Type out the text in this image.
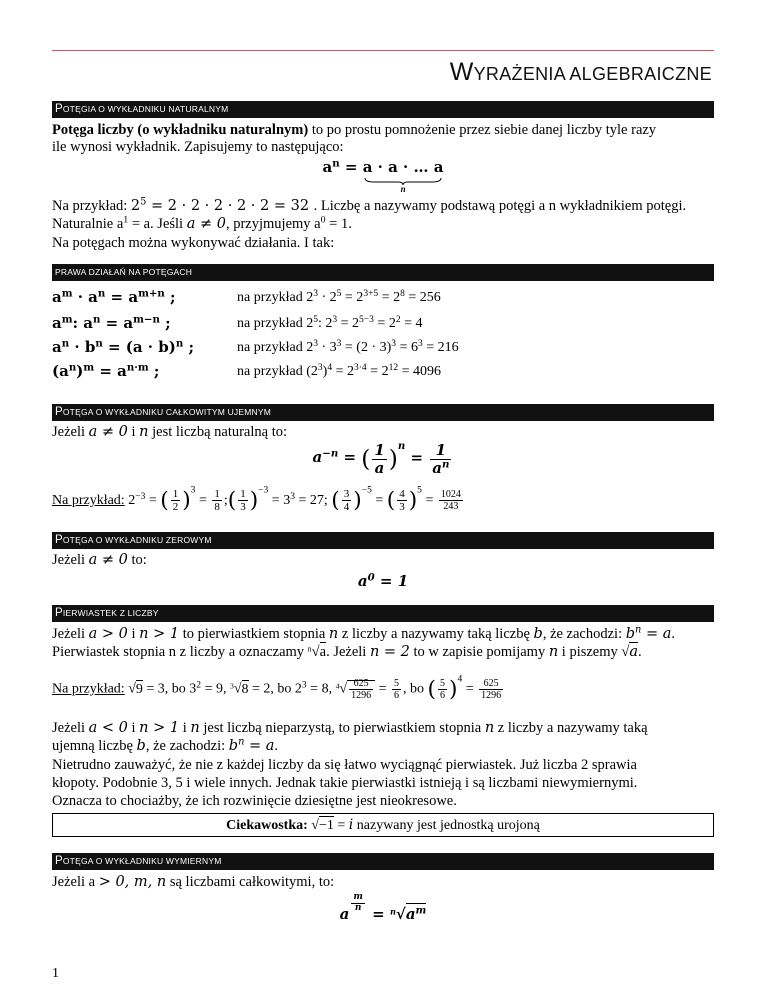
WYRAŻENIA ALGEBRAICZNE
POTĘGIA O WYKŁADNIKU NATURALNYM
Potęga liczby (o wykładniku naturalnym) to po prostu pomnożenie przez siebie danej liczby tyle razy
ile wynosi wykładnik. Zapisujemy to następująco:
$a^n = a \cdot a$ · … a
n
Na przykład: $2^5 = 2 \cdot 2 \cdot 2 \cdot 2 \cdot 2 = 32$ . Liczbę a nazywamy podstawą potęgi a n wykładnikiem potęgi.
Naturalnie $a^1 = a$. Jeśli a ≠ 0, przyjmujemy $a^0 = 1$.
Na potęgach można wykonywać działania. I tak:
PRAWA DZIAŁAŃ NA POTĘGACH
$a^m \cdot a^n = a^{m+n}$ ;	na przykład $2^3 \cdot 2^5 = 2^{3+5} = 2^8 = 256$
$a^m$: $a^n = a^{m-n}$ ;	na przykład $2^5$: $2^3 = 2^{5-3} = 2^2 = 4$
$a^n \cdot b^n = (a \cdot b)^n$ ;	na przykład $2^3 \cdot 3^3 = (2 \cdot 3)^3 = 6^3 = 216$
$(a^n)^m = a^{n\cdot m}$ ;	na przykład $(2^3)^4 = 2^{3\cdot 4} = 2^{12} = 4096$
POTĘGA O WYKŁADNIKU CAŁKOWITYM UJEMNYM
Jeżeli a ≠ 0 i n jest liczbą naturalną to:
$a^{-n}$ = ( $\frac{1}{a} )^n = \frac{1}{a^n}$
Na przykład: $2^{-3}$ = ( $\frac{1}{2} )^3 = \frac{1}{8}$ ;( $\frac{1}{3} )^{-3} = 3^3 = 27$; ( $\frac{3}{4} )^{-5}$ = ( $\frac{4}{3} )^5 = \frac{1024}{243}$
POTĘGA O WYKŁADNIKU ZEROWYM
Jeżeli a ≠ 0 to:
$a^0 = 1$
PIERWIASTEK Z LICZBY
Jeżeli a > 0 i n > 1 to pierwiastkiem stopnia n z liczby a nazywamy taką liczbę b, że zachodzi: $b^n = a$.
Pierwiastek stopnia n z liczby a oznaczamy $^n$√a. Jeżeli n = 2 to w zapisie pomijamy n i piszemy √a.
Na przykład: √9 = 3, bo $3^2 = 9$, $^3$√8 = 2, bo $2^3 = 8$, $^4√ \frac{625}{1296} = \frac{5}{6}$ , bo ( $\frac{5}{6} )^4 = \frac{625}{1296}$
Jeżeli a < 0 i n > 1 i n jest liczbą nieparzystą, to pierwiastkiem stopnia n z liczby a nazywamy taką
ujemną liczbę b, że zachodzi: $b^n = a$.
Nietrudno zauważyć, że nie z każdej liczby da się łatwo wyciągnąć pierwiastek. Już liczba 2 sprawia
kłopoty. Podobnie 3, 5 i wiele innych. Jednak takie pierwiastki istnieją i są liczbami niewymiernymi.
Oznacza to chociażby, że ich rozwinięcie dziesiętne jest nieokresowe.
Ciekawostka: √−1 = i nazywany jest jednostką urojoną
POTĘGA O WYKŁADNIKU WYMIERNYM
Jeżeli a > 0, m, n są liczbami całkowitymi, to:
a
$^{\frac{m}{n}}$
= $^n√a^m$
1
